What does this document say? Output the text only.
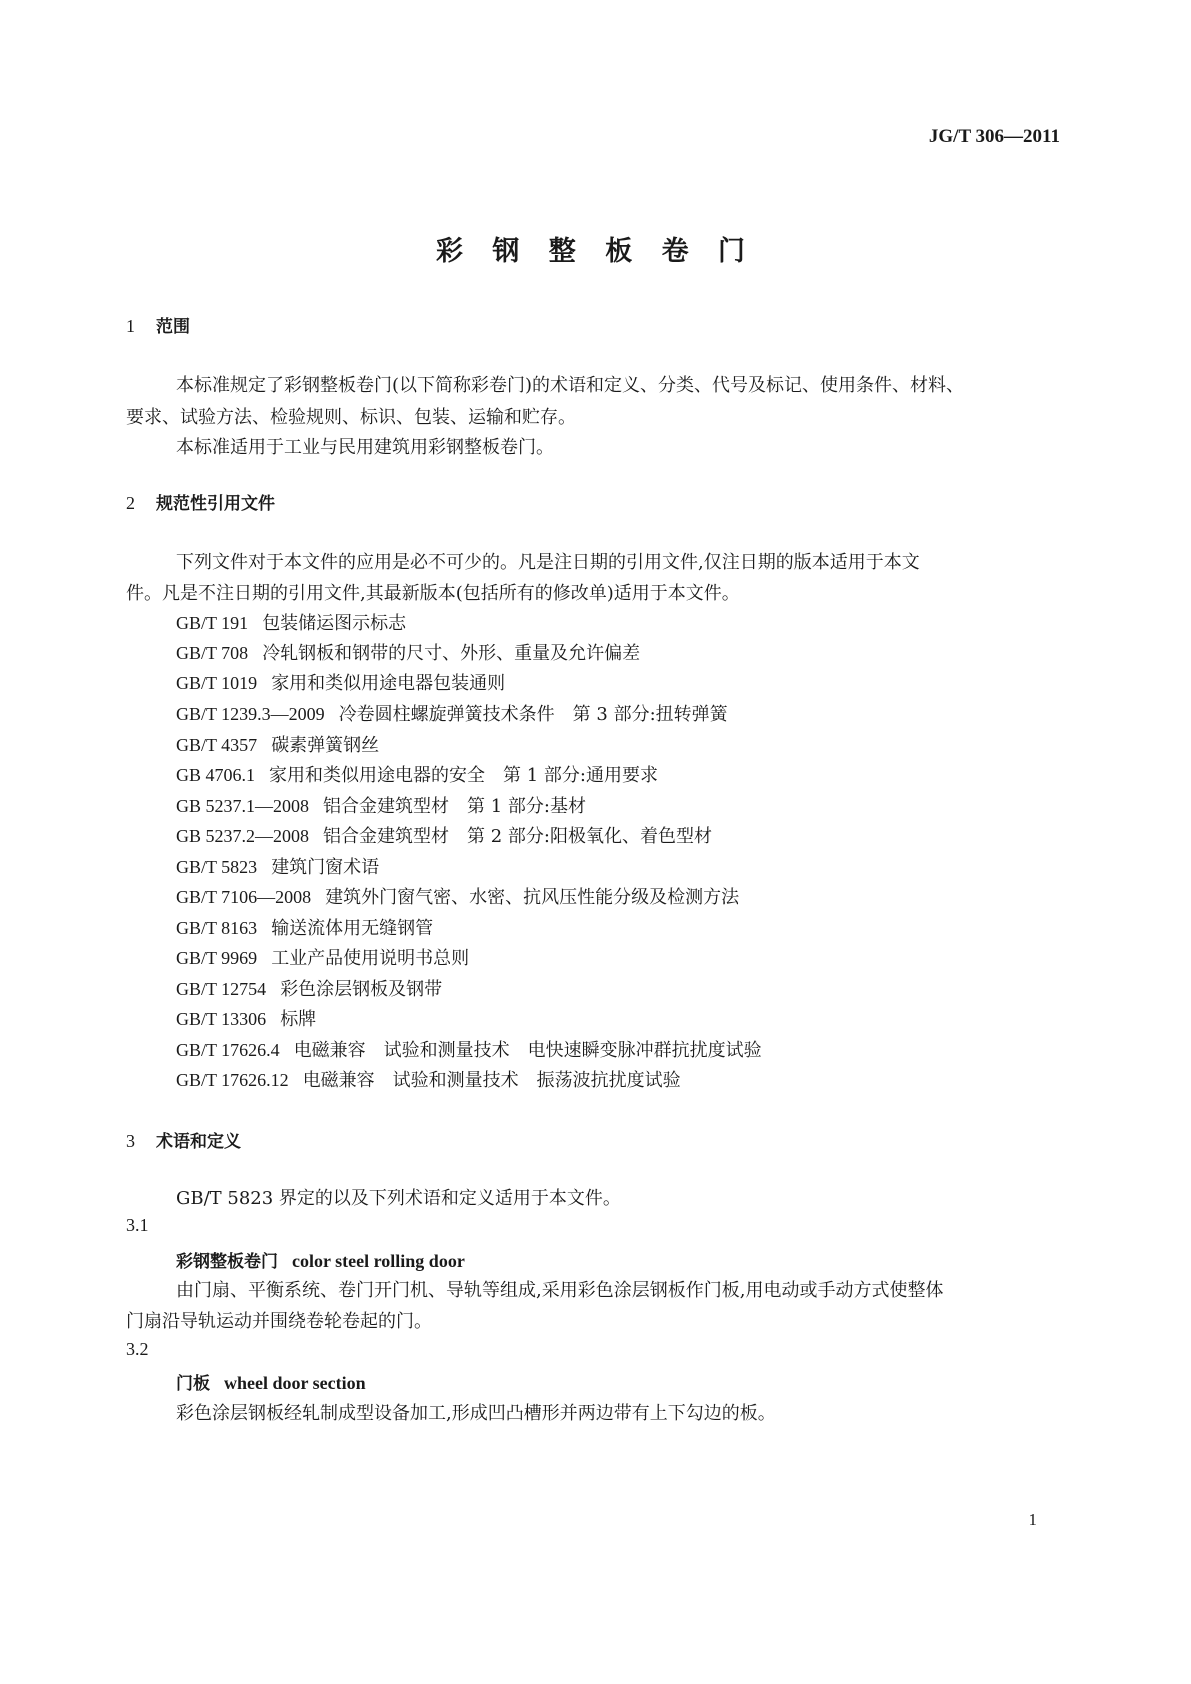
JG/T 306—2011
彩 钢 整 板 卷 门
1 范围
本标准规定了彩钢整板卷门(以下简称彩卷门)的术语和定义、分类、代号及标记、使用条件、材料、
要求、试验方法、检验规则、标识、包装、运输和贮存。
本标准适用于工业与民用建筑用彩钢整板卷门。
2 规范性引用文件
下列文件对于本文件的应用是必不可少的。凡是注日期的引用文件,仅注日期的版本适用于本文
件。凡是不注日期的引用文件,其最新版本(包括所有的修改单)适用于本文件。
GB/T 191 包装储运图示标志
GB/T 708 冷轧钢板和钢带的尺寸、外形、重量及允许偏差
GB/T 1019 家用和类似用途电器包装通则
GB/T 1239.3—2009 冷卷圆柱螺旋弹簧技术条件　第 3 部分:扭转弹簧
GB/T 4357 碳素弹簧钢丝
GB 4706.1 家用和类似用途电器的安全　第 1 部分:通用要求
GB 5237.1—2008 铝合金建筑型材　第 1 部分:基材
GB 5237.2—2008 铝合金建筑型材　第 2 部分:阳极氧化、着色型材
GB/T 5823 建筑门窗术语
GB/T 7106—2008 建筑外门窗气密、水密、抗风压性能分级及检测方法
GB/T 8163 输送流体用无缝钢管
GB/T 9969 工业产品使用说明书总则
GB/T 12754 彩色涂层钢板及钢带
GB/T 13306 标牌
GB/T 17626.4 电磁兼容　试验和测量技术　电快速瞬变脉冲群抗扰度试验
GB/T 17626.12 电磁兼容　试验和测量技术　振荡波抗扰度试验
3 术语和定义
GB/T 5823 界定的以及下列术语和定义适用于本文件。
3.1
彩钢整板卷门 color steel rolling door
由门扇、平衡系统、卷门开门机、导轨等组成,采用彩色涂层钢板作门板,用电动或手动方式使整体
门扇沿导轨运动并围绕卷轮卷起的门。
3.2
门板 wheel door section
彩色涂层钢板经轧制成型设备加工,形成凹凸槽形并两边带有上下勾边的板。
1
